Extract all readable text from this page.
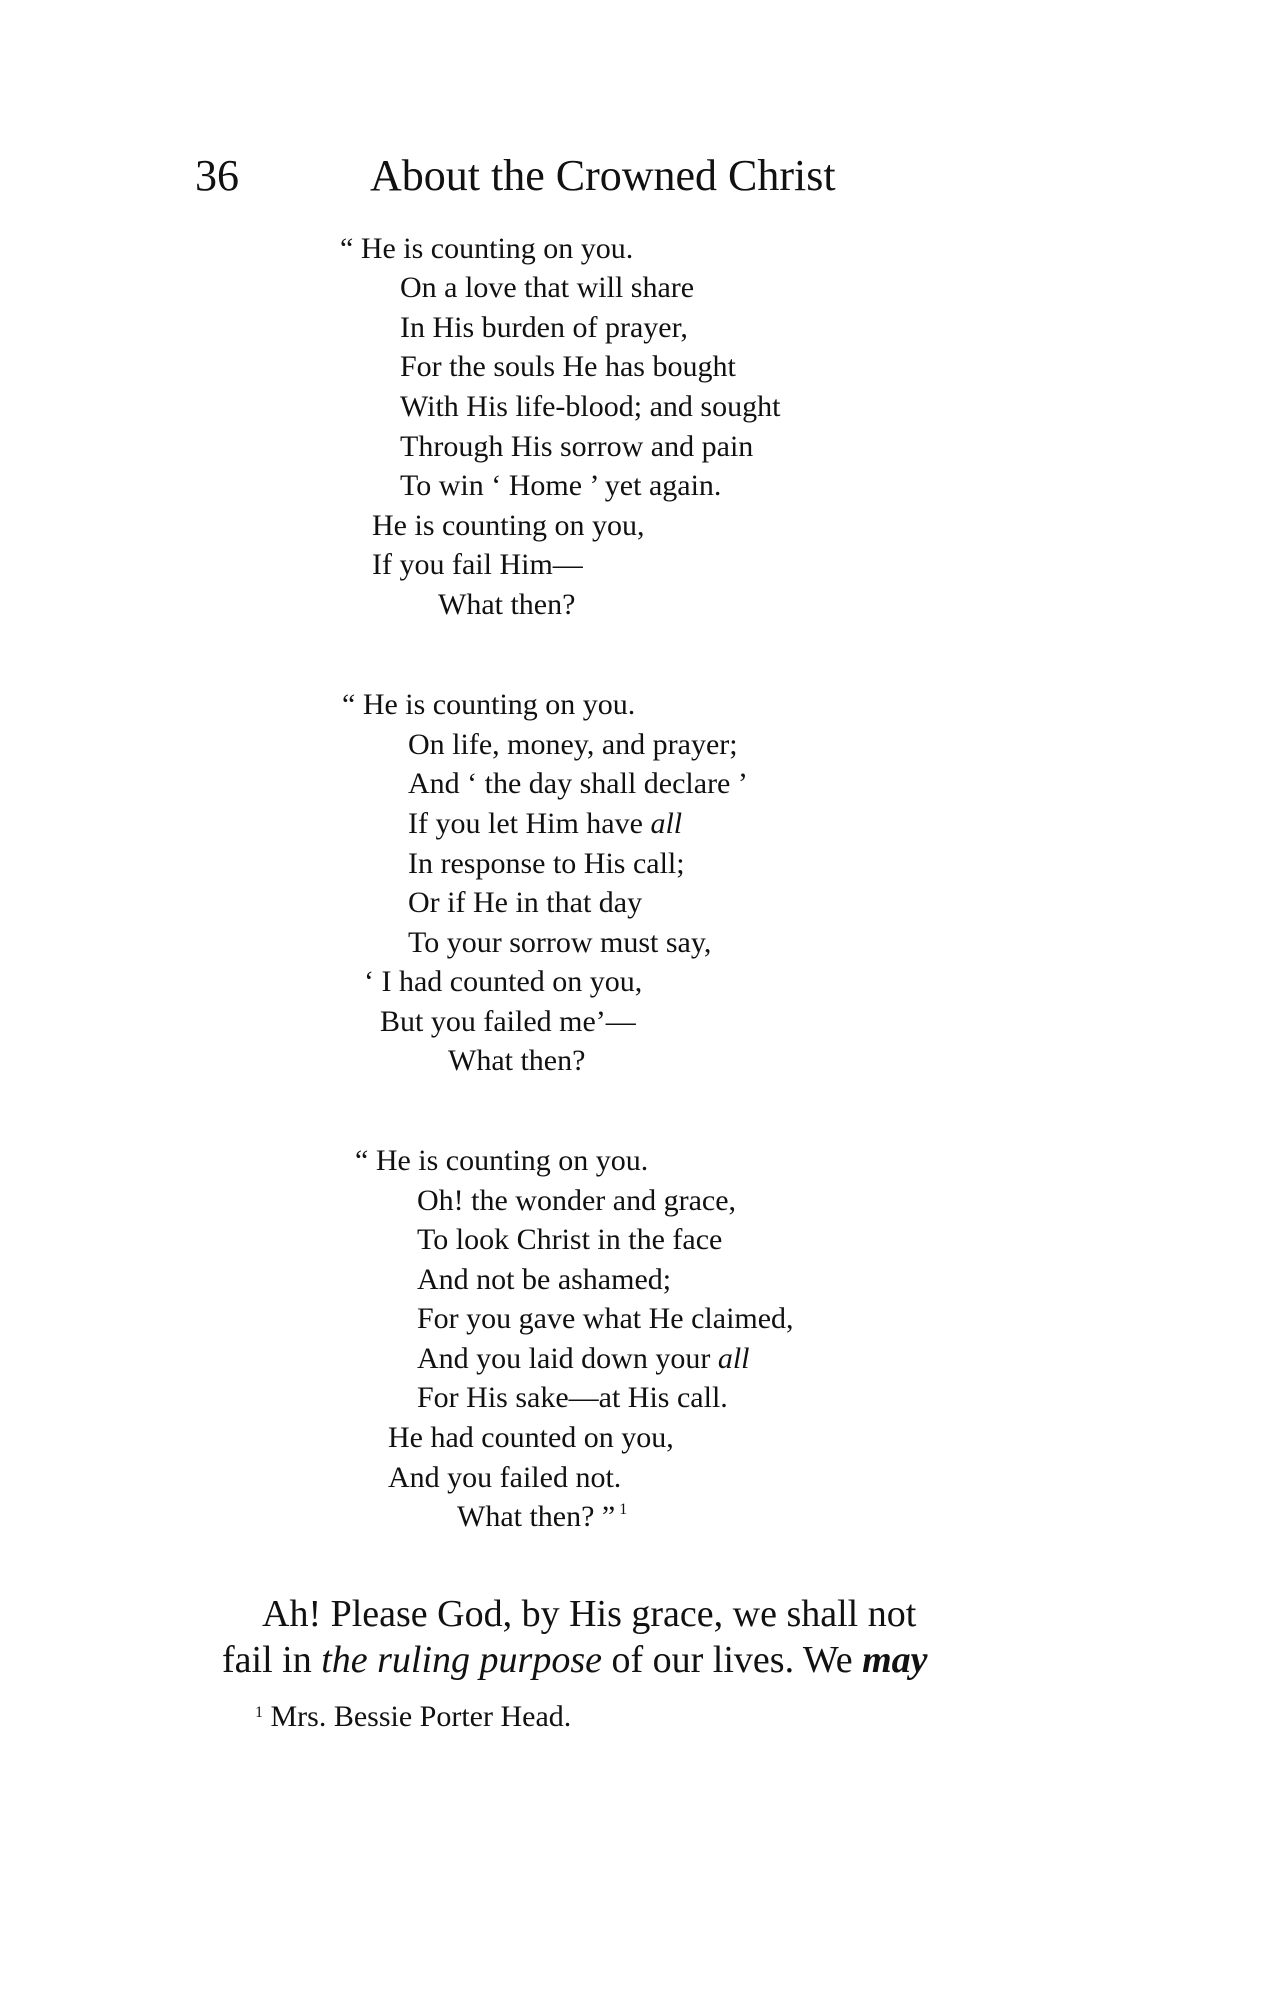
36	About the Crowned Christ
“ He is counting on you.
On a love that will share
In His burden of prayer,
For the souls He has bought
With His life-blood; and sought
Through His sorrow and pain
To win ‘ Home ’ yet again.
He is counting on you,
If you fail Him—
What then?
“ He is counting on you.
On life, money, and prayer;
And ‘ the day shall declare ’
If you let Him have all
In response to His call;
Or if He in that day
To your sorrow must say,
‘ I had counted on you,
But you failed me’—
What then?
“ He is counting on you.
Oh! the wonder and grace,
To look Christ in the face
And not be ashamed;
For you gave what He claimed,
And you laid down your all
For His sake—at His call.
He had counted on you,
And you failed not.
What then? ” $^1$
Ah! Please God, by His grace, we shall not
fail in the ruling purpose of our lives. We may
$^1$ Mrs. Bessie Porter Head.
